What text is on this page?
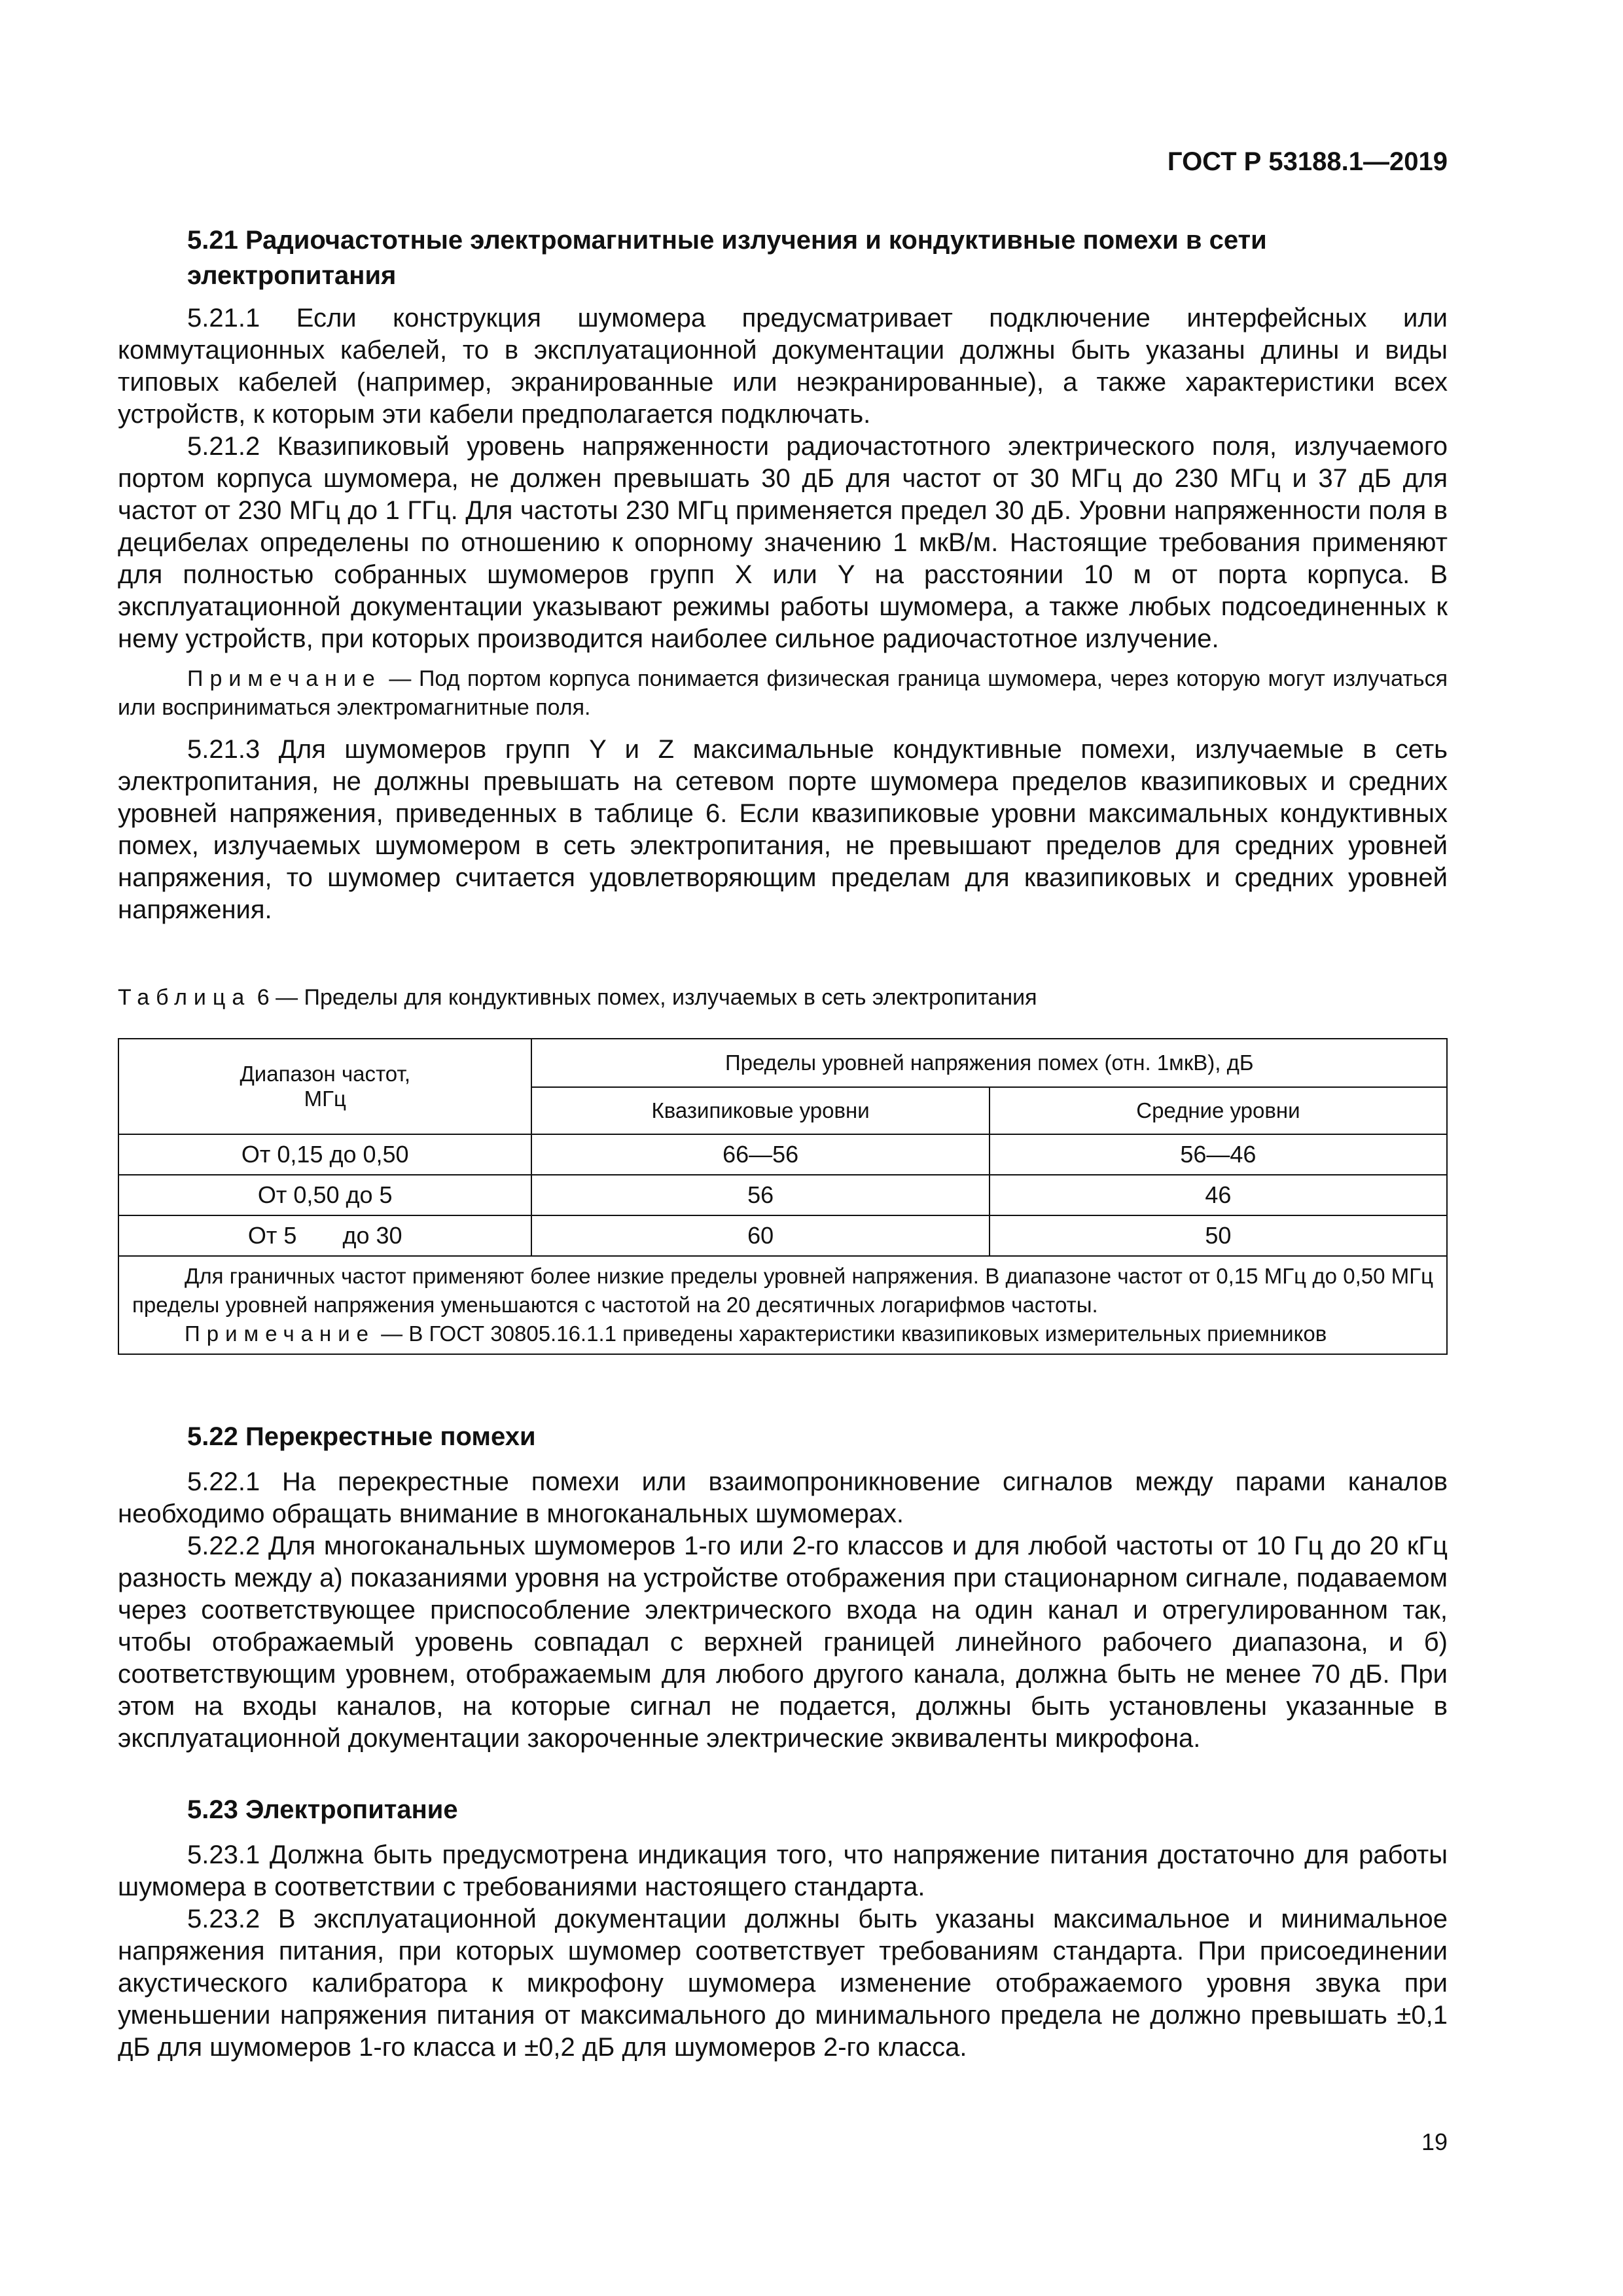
ГОСТ Р 53188.1—2019

5.21 Радиочастотные электромагнитные излучения и кондуктивные помехи в сети

электропитания

5.21.1 Если конструкция шумомера предусматривает подключение интерфейсных или коммутационных кабелей, то в эксплуатационной документации должны быть указаны длины и виды типовых кабелей (например, экранированные или неэкранированные), а также характеристики всех устройств, к которым эти кабели предполагается подключать.

5.21.2 Квазипиковый уровень напряженности радиочастотного электрического поля, излучаемого портом корпуса шумомера, не должен превышать 30 дБ для частот от 30 МГц до 230 МГц и 37 дБ для частот от 230 МГц до 1 ГГц. Для частоты 230 МГц применяется предел 30 дБ. Уровни напряженности поля в децибелах определены по отношению к опорному значению 1 мкВ/м. Настоящие требования применяют для полностью собранных шумомеров групп X или Y на расстоянии 10 м от порта корпуса. В эксплуатационной документации указывают режимы работы шумомера, а также любых подсоединенных к нему устройств, при которых производится наиболее сильное радиочастотное излучение.

Примечание — Под портом корпуса понимается физическая граница шумомера, через которую могут излучаться или восприниматься электромагнитные поля.

5.21.3 Для шумомеров групп Y и Z максимальные кондуктивные помехи, излучаемые в сеть электропитания, не должны превышать на сетевом порте шумомера пределов квазипиковых и средних уровней напряжения, приведенных в таблице 6. Если квазипиковые уровни максимальных кондуктивных помех, излучаемых шумомером в сеть электропитания, не превышают пределов для средних уровней напряжения, то шумомер считается удовлетворяющим пределам для квазипиковых и средних уровней напряжения.

Таблица 6 — Пределы для кондуктивных помех, излучаемых в сеть электропитания

Диапазон частот,
МГц	Пределы уровней напряжения помех (отн. 1мкВ), дБ	
	Квазипиковые уровни	Средние уровни
От 0,15 до 0,50	66—56	56—46
От 0,50 до 5	56	46
От 5       до 30	60	50

Для граничных частот применяют более низкие пределы уровней напряжения. В диапазоне частот от 0,15 МГц до 0,50 МГц пределы уровней напряжения уменьшаются с частотой на 20 десятичных логарифмов частоты.

Примечание — В ГОСТ 30805.16.1.1 приведены характеристики квазипиковых измерительных приемников		

5.22 Перекрестные помехи

5.22.1 На перекрестные помехи или взаимопроникновение сигналов между парами каналов необходимо обращать внимание в многоканальных шумомерах.

5.22.2 Для многоканальных шумомеров 1-го или 2-го классов и для любой частоты от 10 Гц до 20 кГц разность между а) показаниями уровня на устройстве отображения при стационарном сигнале, подаваемом через соответствующее приспособление электрического входа на один канал и отрегулированном так, чтобы отображаемый уровень совпадал с верхней границей линейного рабочего диапазона, и б) соответствующим уровнем, отображаемым для любого другого канала, должна быть не менее 70 дБ. При этом на входы каналов, на которые сигнал не подается, должны быть установлены указанные в эксплуатационной документации закороченные электрические эквиваленты микрофона.

5.23 Электропитание

5.23.1 Должна быть предусмотрена индикация того, что напряжение питания достаточно для работы шумомера в соответствии с требованиями настоящего стандарта.

5.23.2 В эксплуатационной документации должны быть указаны максимальное и минимальное напряжения питания, при которых шумомер соответствует требованиям стандарта. При присоединении акустического калибратора к микрофону шумомера изменение отображаемого уровня звука при уменьшении напряжения питания от максимального до минимального предела не должно превышать ±0,1 дБ для шумомеров 1-го класса и ±0,2 дБ для шумомеров 2-го класса.

19
